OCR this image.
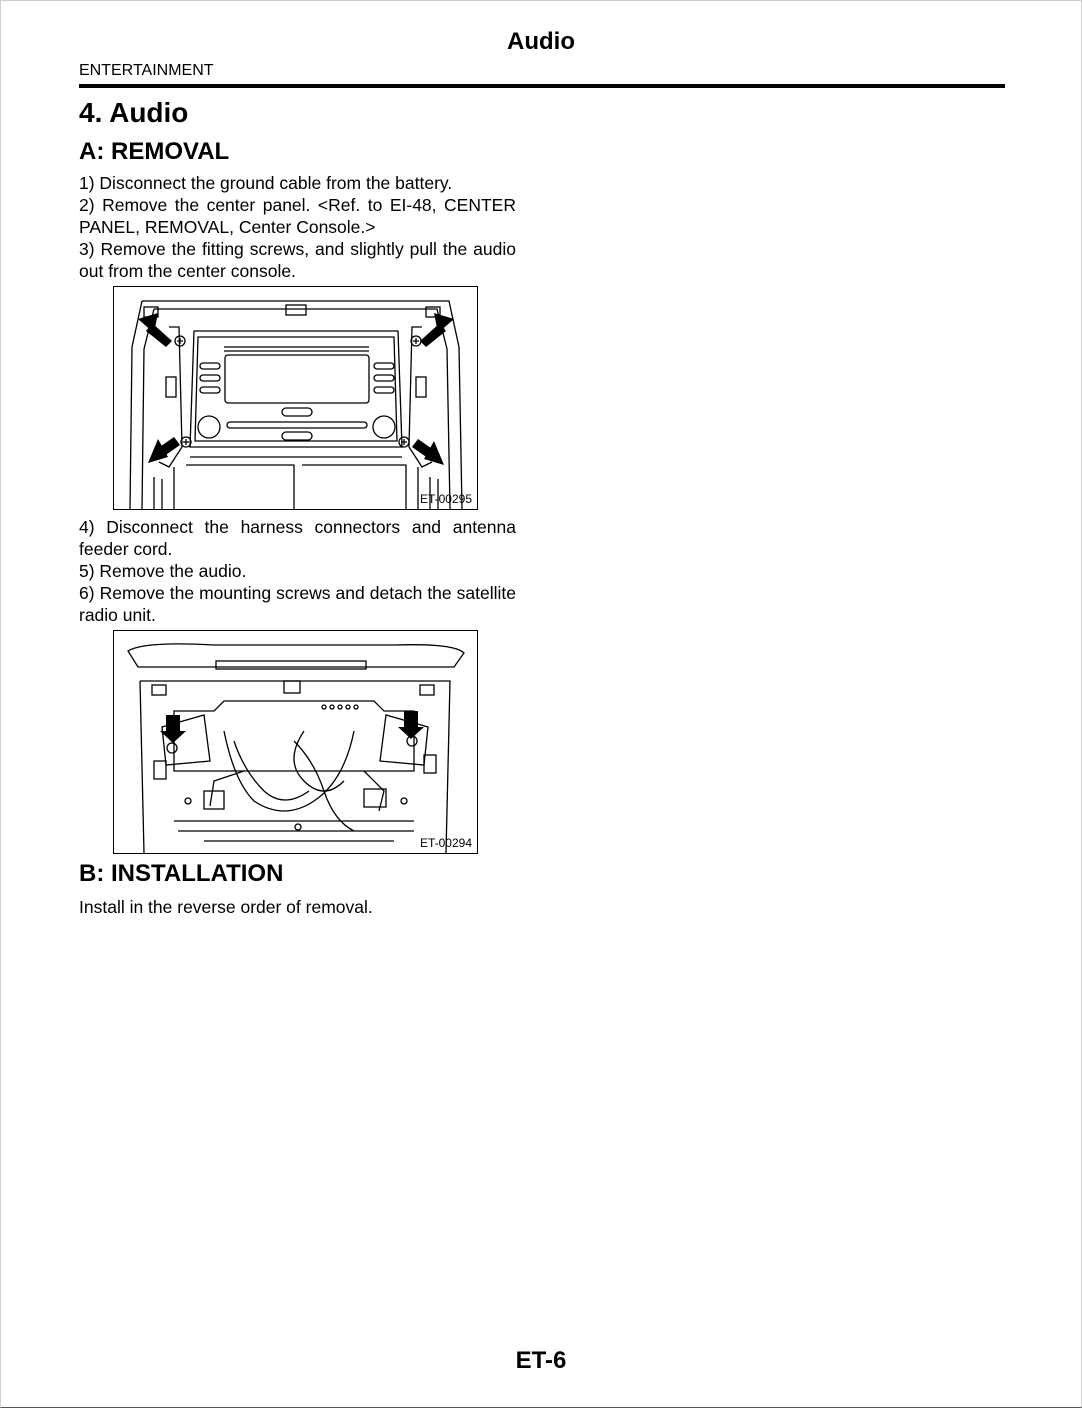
Audio
ENTERTAINMENT
4. Audio
A: REMOVAL

1) Disconnect the ground cable from the battery.

2) Remove the center panel. <Ref. to EI-48, CENTER PANEL, REMOVAL, Center Console.>

3) Remove the fitting screws, and slightly pull the audio out from the center console.

ET-00295

4) Disconnect the harness connectors and antenna feeder cord.

5) Remove the audio.

6) Remove the mounting screws and detach the satellite radio unit.

ET-00294
B: INSTALLATION

Install in the reverse order of removal.

ET-6
